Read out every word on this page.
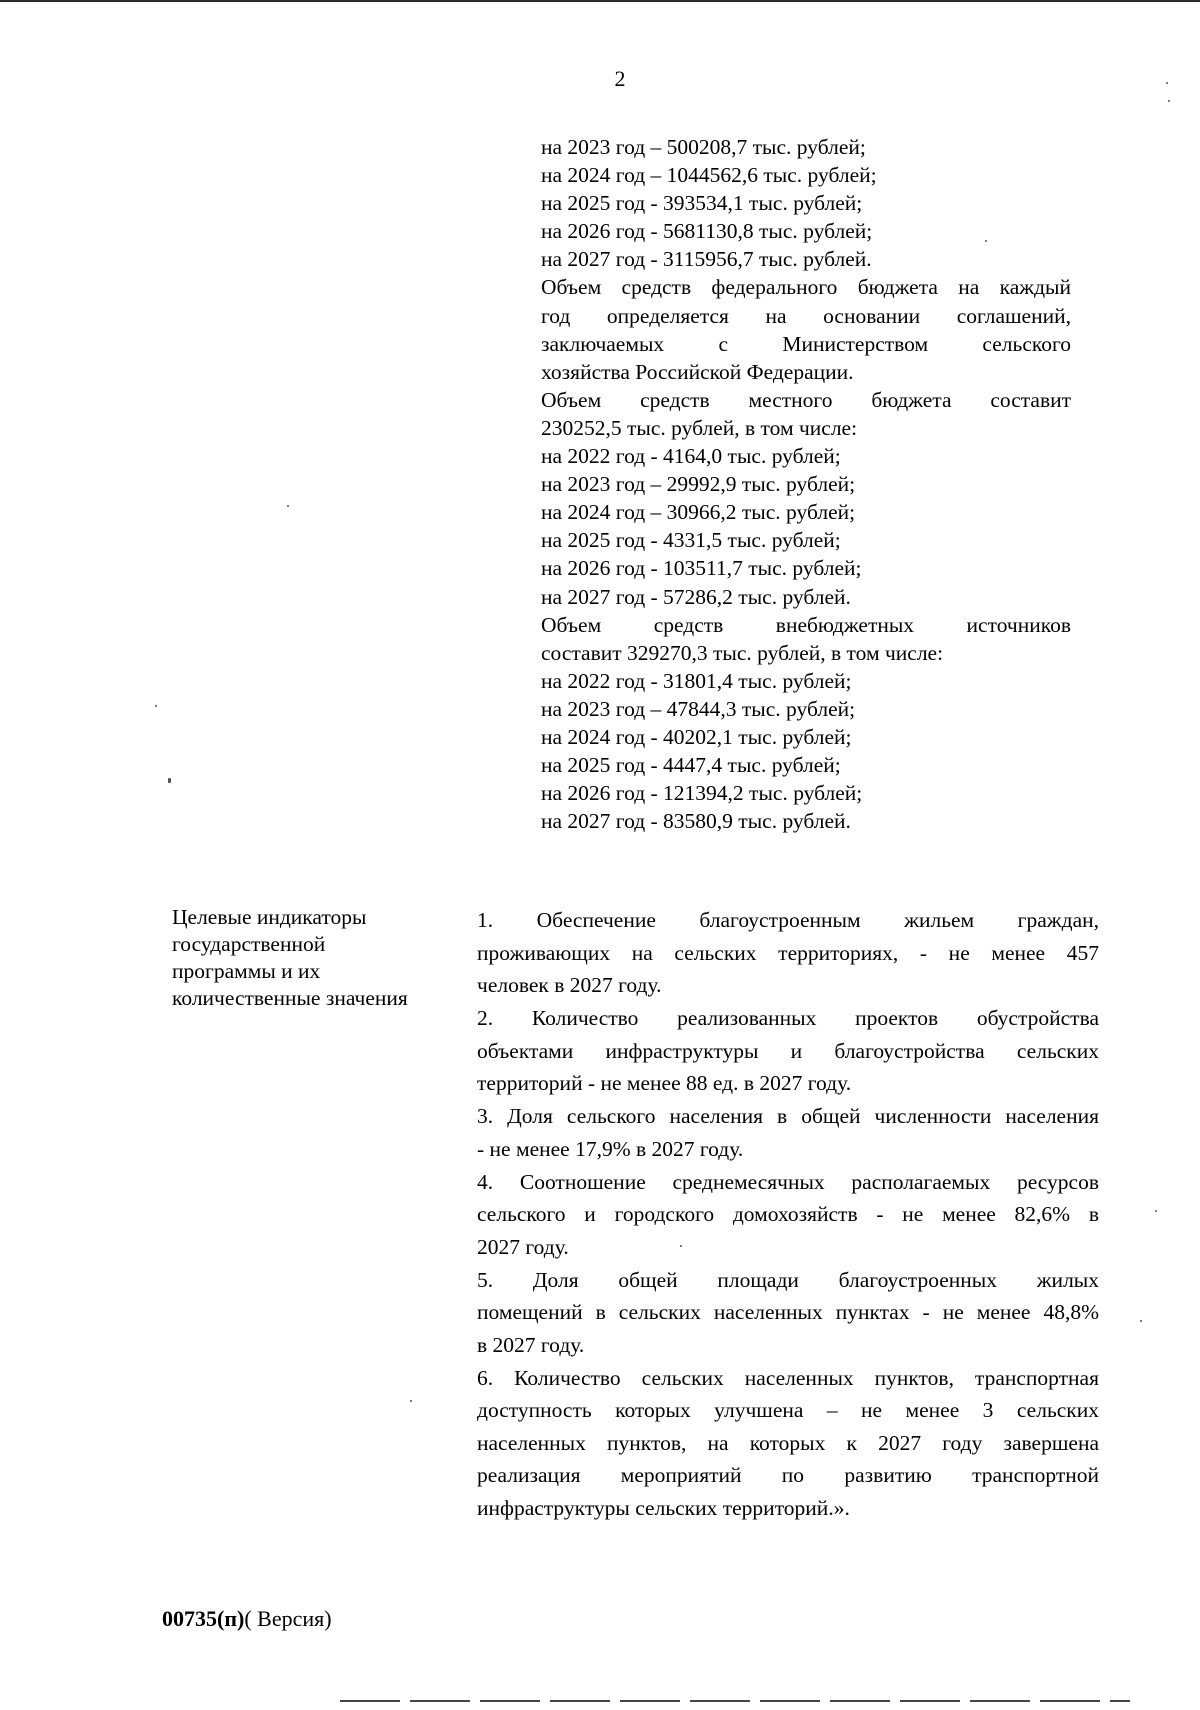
2
на 2023 год – 500208,7 тыс. рублей;
на 2024 год – 1044562,6 тыс. рублей;
на 2025 год - 393534,1 тыс. рублей;
на 2026 год - 5681130,8 тыс. рублей;
на 2027 год - 3115956,7 тыс. рублей.
Объем средств федерального бюджета на каждый
год определяется на основании соглашений,
заключаемых с Министерством сельского
хозяйства Российской Федерации.
Объем средств местного бюджета составит
230252,5 тыс. рублей, в том числе:
на 2022 год - 4164,0 тыс. рублей;
на 2023 год – 29992,9 тыс. рублей;
на 2024 год – 30966,2 тыс. рублей;
на 2025 год - 4331,5 тыс. рублей;
на 2026 год - 103511,7 тыс. рублей;
на 2027 год - 57286,2 тыс. рублей.
Объем средств внебюджетных источников
составит 329270,3 тыс. рублей, в том числе:
на 2022 год - 31801,4 тыс. рублей;
на 2023 год – 47844,3 тыс. рублей;
на 2024 год - 40202,1 тыс. рублей;
на 2025 год - 4447,4 тыс. рублей;
на 2026 год - 121394,2 тыс. рублей;
на 2027 год - 83580,9 тыс. рублей.
Целевые индикаторы
государственной
программы и их
количественные значения
1. Обеспечение благоустроенным жильем граждан,
проживающих на сельских территориях, - не менее 457
человек в 2027 году.
2. Количество реализованных проектов обустройства
объектами инфраструктуры и благоустройства сельских
территорий - не менее 88 ед. в 2027 году.
3. Доля сельского населения в общей численности населения
- не менее 17,9% в 2027 году.
4. Соотношение среднемесячных располагаемых ресурсов
сельского и городского домохозяйств - не менее 82,6% в
2027 году.
5. Доля общей площади благоустроенных жилых
помещений в сельских населенных пунктах - не менее 48,8%
в 2027 году.
6. Количество сельских населенных пунктов, транспортная
доступность которых улучшена – не менее 3 сельских
населенных пунктов, на которых к 2027 году завершена
реализация мероприятий по развитию транспортной
инфраструктуры сельских территорий.».
00735(п)( Версия)
